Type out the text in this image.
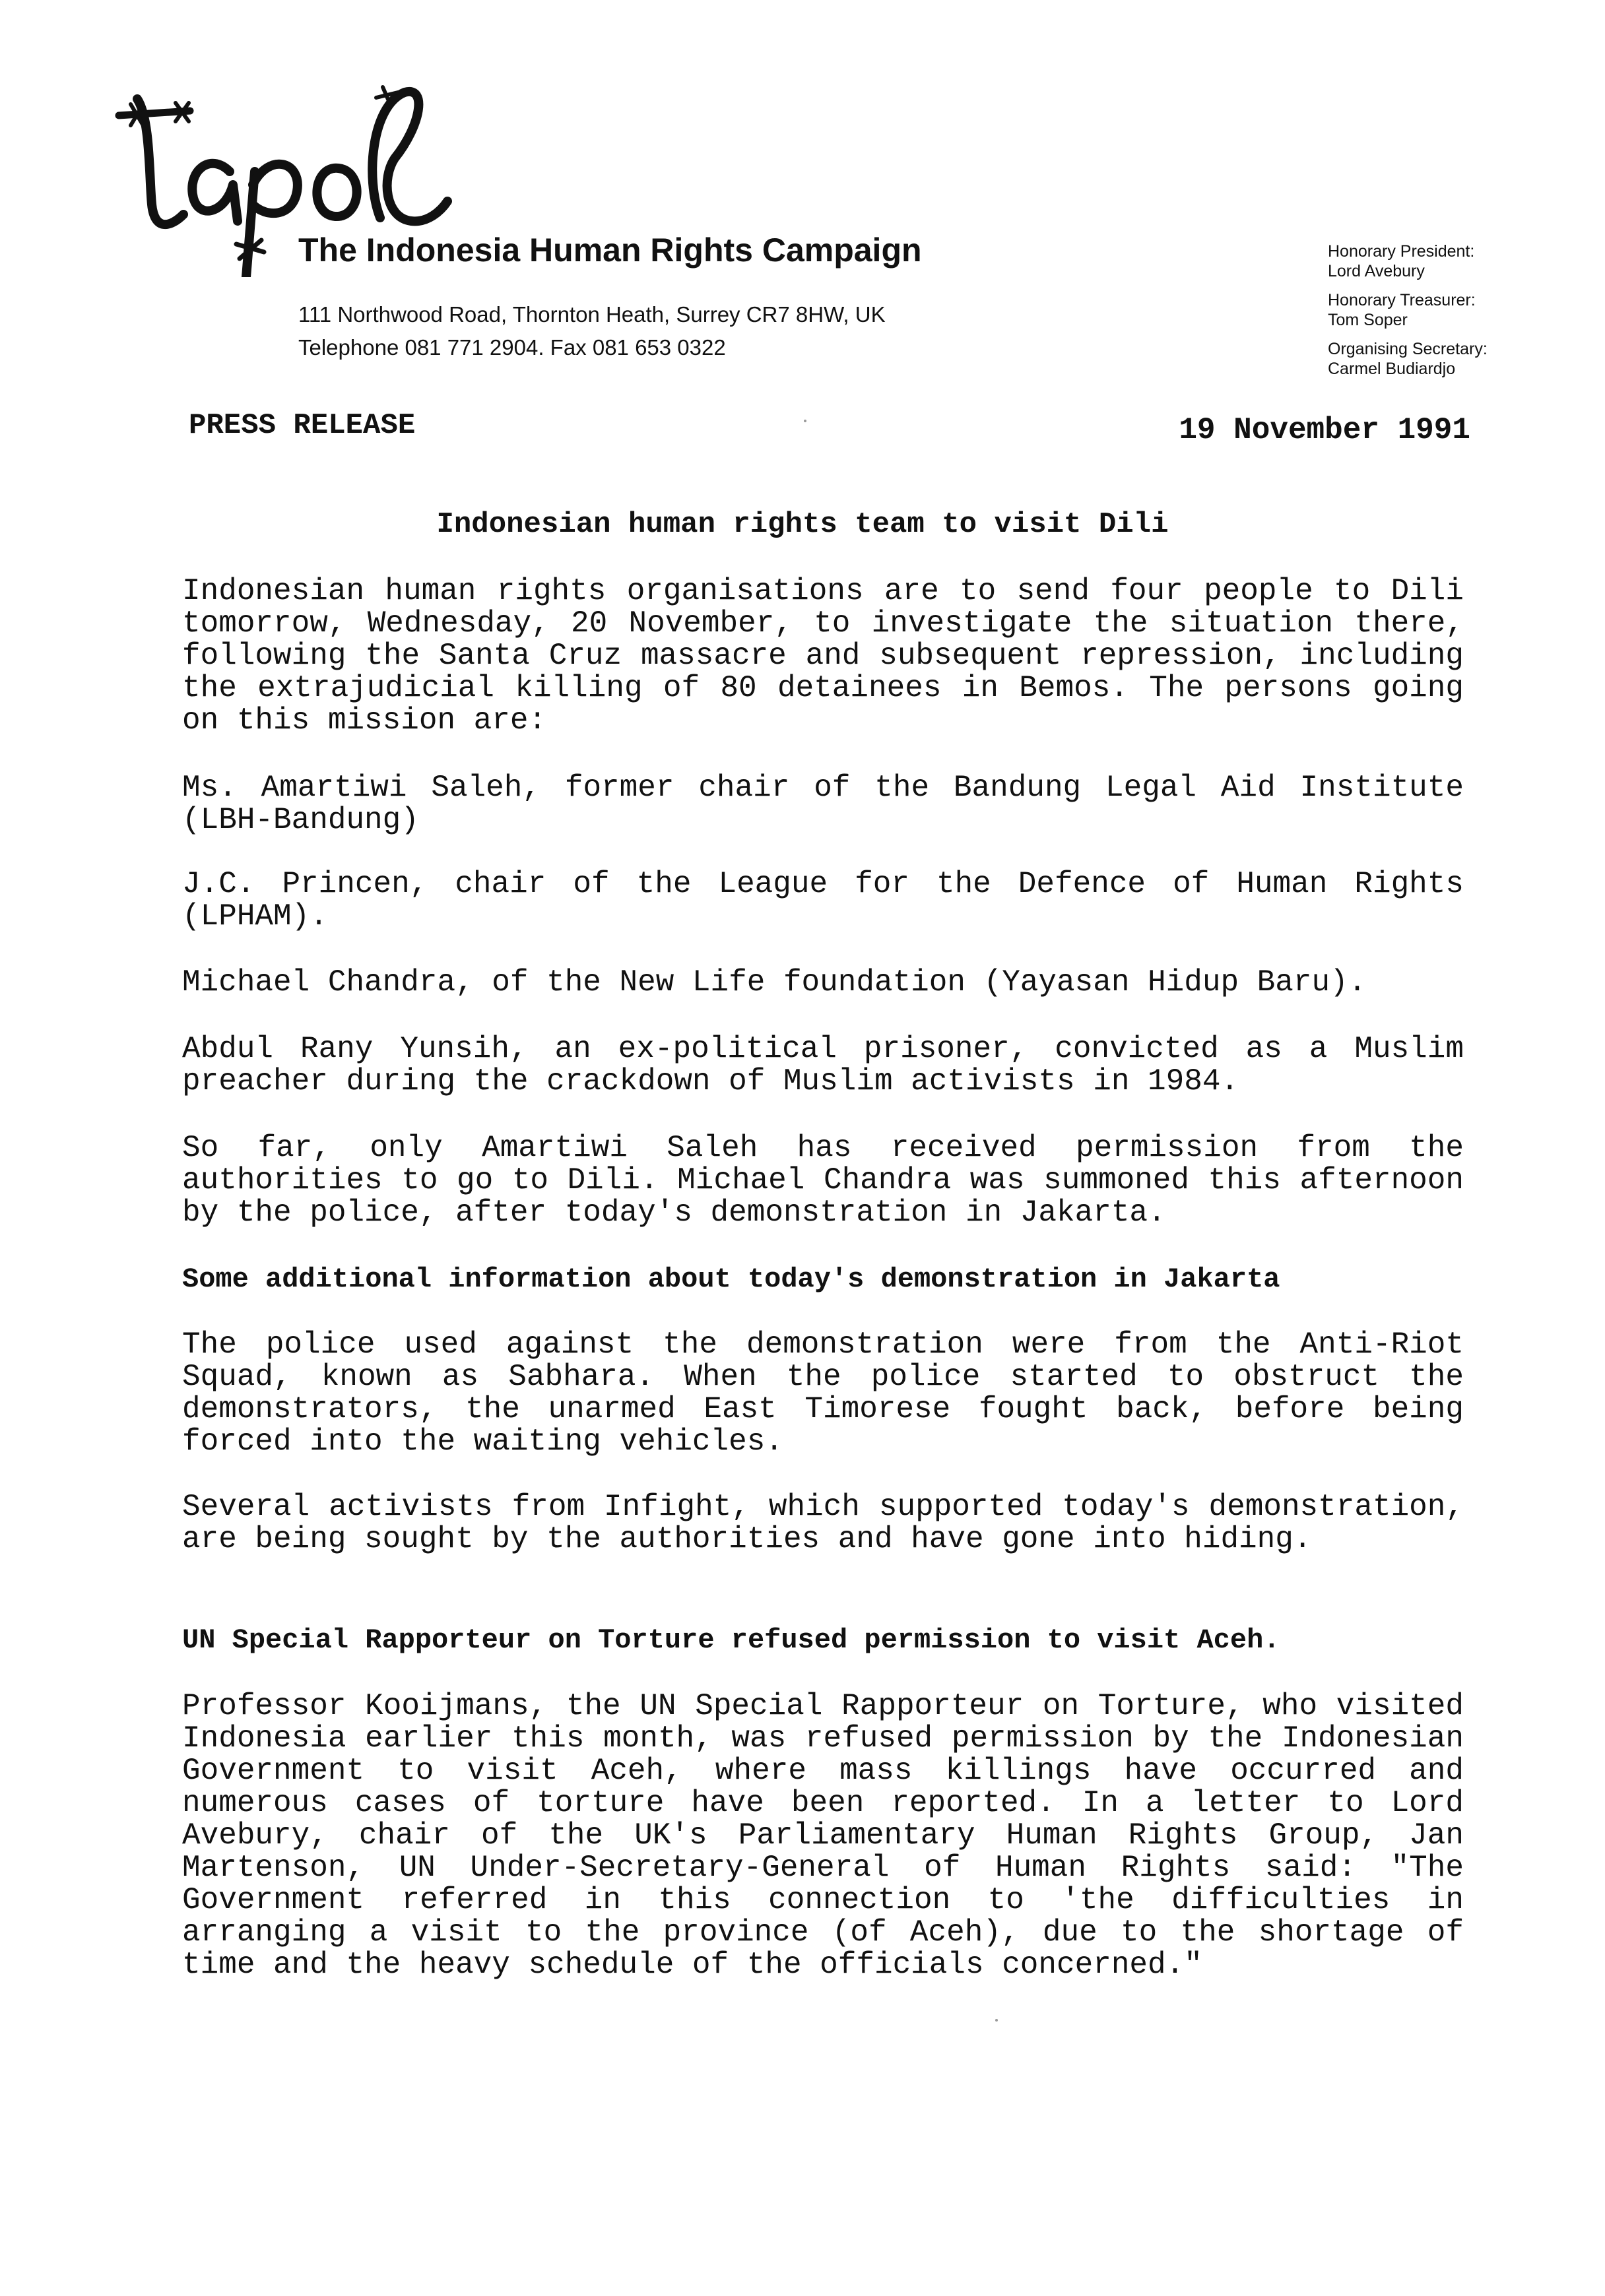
The Indonesia Human Rights Campaign
111 Northwood Road, Thornton Heath, Surrey CR7 8HW, UK
Telephone 081 771 2904. Fax 081 653 0322
Honorary President:
Lord Avebury
Honorary Treasurer:
Tom Soper
Organising Secretary:
Carmel Budiardjo
PRESS RELEASE	19 November 1991
Indonesian human rights team to visit Dili

Indonesian human rights organisations are to send four people to Dili tomorrow, Wednesday, 20 November, to investigate the situation there, following the Santa Cruz massacre and subsequent repression, including the extrajudicial killing of 80 detainees in Bemos. The persons going on this mission are:

Ms. Amartiwi Saleh, former chair of the Bandung Legal Aid Institute (LBH-Bandung)

J.C. Princen, chair of the League for the Defence of Human Rights (LPHAM).

Michael Chandra, of the New Life foundation (Yayasan Hidup Baru).

Abdul Rany Yunsih, an ex-political prisoner, convicted as a Muslim preacher during the crackdown of Muslim activists in 1984.

So far, only Amartiwi Saleh has received permission from the authorities to go to Dili. Michael Chandra was summoned this afternoon by the police, after today's demonstration in Jakarta.

Some additional information about today's demonstration in Jakarta

The police used against the demonstration were from the Anti-Riot Squad, known as Sabhara. When the police started to obstruct the demonstrators, the unarmed East Timorese fought back, before being forced into the waiting vehicles.

Several activists from Infight, which supported today's demonstration, are being sought by the authorities and have gone into hiding.

UN Special Rapporteur on Torture refused permission to visit Aceh.

Professor Kooijmans, the UN Special Rapporteur on Torture, who visited Indonesia earlier this month, was refused permission by the Indonesian Government to visit Aceh, where mass killings have occurred and numerous cases of torture have been reported. In a letter to Lord Avebury, chair of the UK's Parliamentary Human Rights Group, Jan Martenson, UN Under-Secretary-General of Human Rights said: "The Government referred in this connection to 'the difficulties in arranging a visit to the province (of Aceh), due to the shortage of time and the heavy schedule of the officials concerned."
